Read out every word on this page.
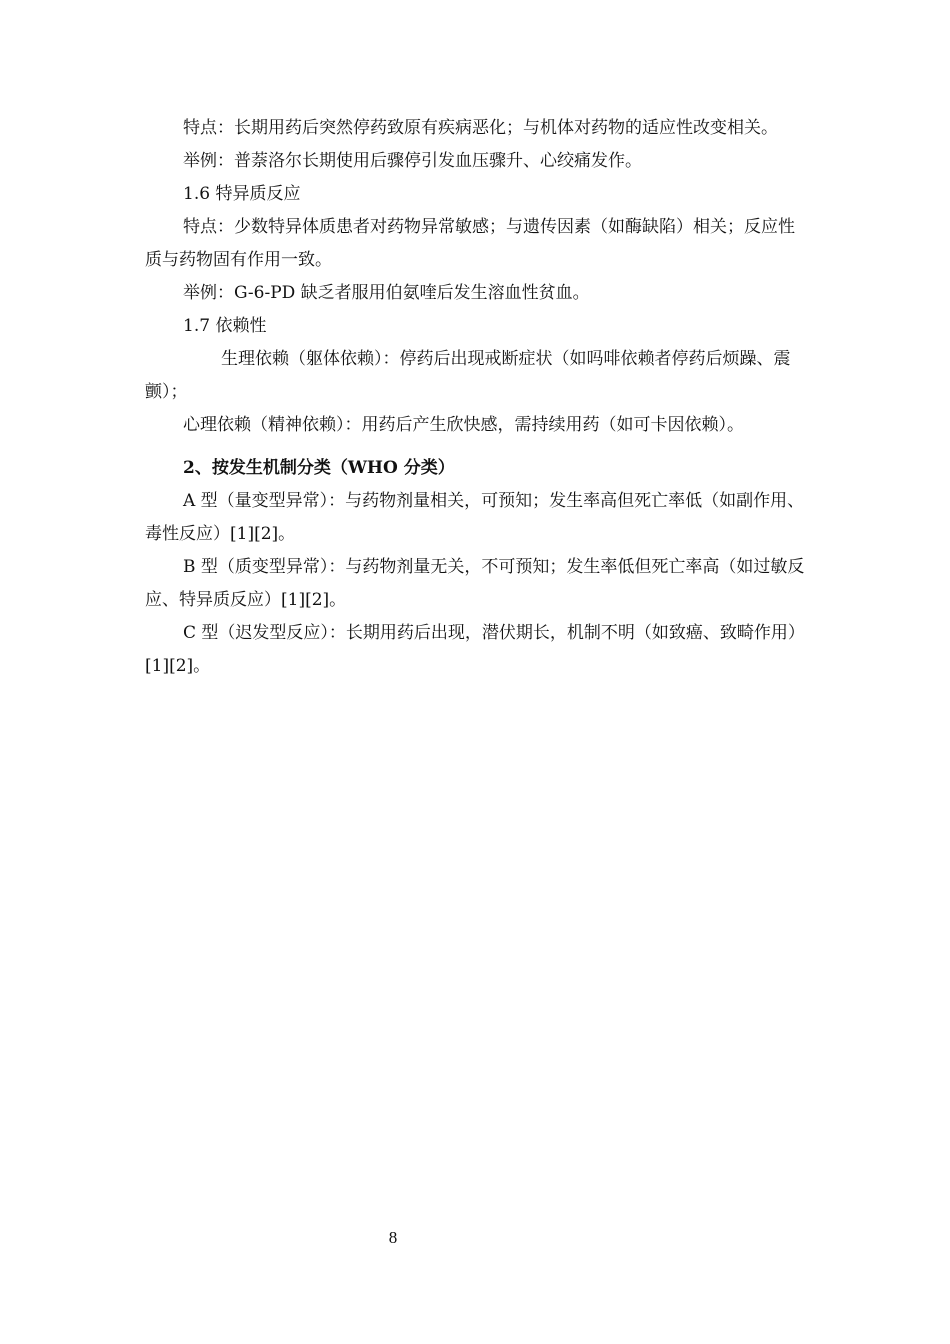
特点：长期用药后突然停药致原有疾病恶化；与机体对药物的适应性改变相关。

举例：普萘洛尔长期使用后骤停引发血压骤升、心绞痛发作。

1.6 特异质反应

特点：少数特异体质患者对药物异常敏感；与遗传因素（如酶缺陷）相关；反应性质与药物固有作用一致。

举例：G-6-PD 缺乏者服用伯氨喹后发生溶血性贫血。

1.7 依赖性

生理依赖（躯体依赖）：停药后出现戒断症状（如吗啡依赖者停药后烦躁、震颤）；

心理依赖（精神依赖）：用药后产生欣快感，需持续用药（如可卡因依赖）。

2、按发生机制分类（WHO 分类）

A 型（量变型异常）：与药物剂量相关，可预知；发生率高但死亡率低（如副作用、毒性反应）[1][2]。

B 型（质变型异常）：与药物剂量无关，不可预知；发生率低但死亡率高（如过敏反应、特异质反应）[1][2]。

C 型（迟发型反应）：长期用药后出现，潜伏期长，机制不明（如致癌、致畸作用）[1][2]。

8
